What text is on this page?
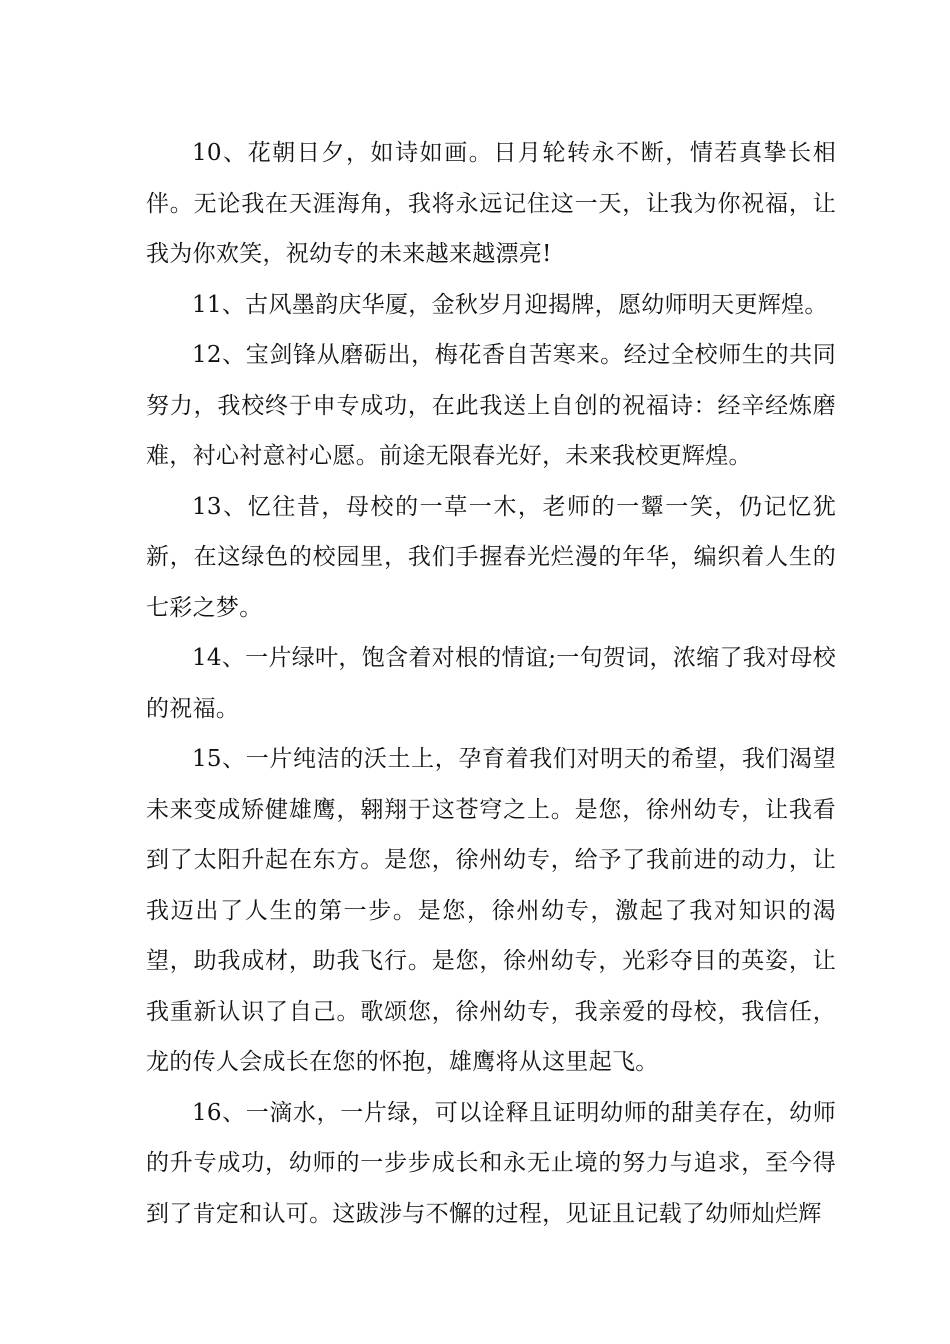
10、花朝日夕，如诗如画。日月轮转永不断，情若真挚长相伴。无论我在天涯海角，我将永远记住这一天，让我为你祝福，让我为你欢笑，祝幼专的未来越来越漂亮!

11、古风墨韵庆华厦，金秋岁月迎揭牌，愿幼师明天更辉煌。

12、宝剑锋从磨砺出，梅花香自苦寒来。经过全校师生的共同努力，我校终于申专成功，在此我送上自创的祝福诗：经辛经炼磨难，衬心衬意衬心愿。前途无限春光好，未来我校更辉煌。

13、忆往昔，母校的一草一木，老师的一颦一笑，仍记忆犹新，在这绿色的校园里，我们手握春光烂漫的年华，编织着人生的七彩之梦。

14、一片绿叶，饱含着对根的情谊;一句贺词，浓缩了我对母校的祝福。

15、一片纯洁的沃土上，孕育着我们对明天的希望，我们渴望未来变成矫健雄鹰，翱翔于这苍穹之上。是您，徐州幼专，让我看到了太阳升起在东方。是您，徐州幼专，给予了我前进的动力，让我迈出了人生的第一步。是您，徐州幼专，激起了我对知识的渴望，助我成材，助我飞行。是您，徐州幼专，光彩夺目的英姿，让我重新认识了自己。歌颂您，徐州幼专，我亲爱的母校，我信任，龙的传人会成长在您的怀抱，雄鹰将从这里起飞。

16、一滴水，一片绿，可以诠释且证明幼师的甜美存在，幼师的升专成功，幼师的一步步成长和永无止境的努力与追求，至今得到了肯定和认可。这跋涉与不懈的过程，见证且记载了幼师灿烂辉
